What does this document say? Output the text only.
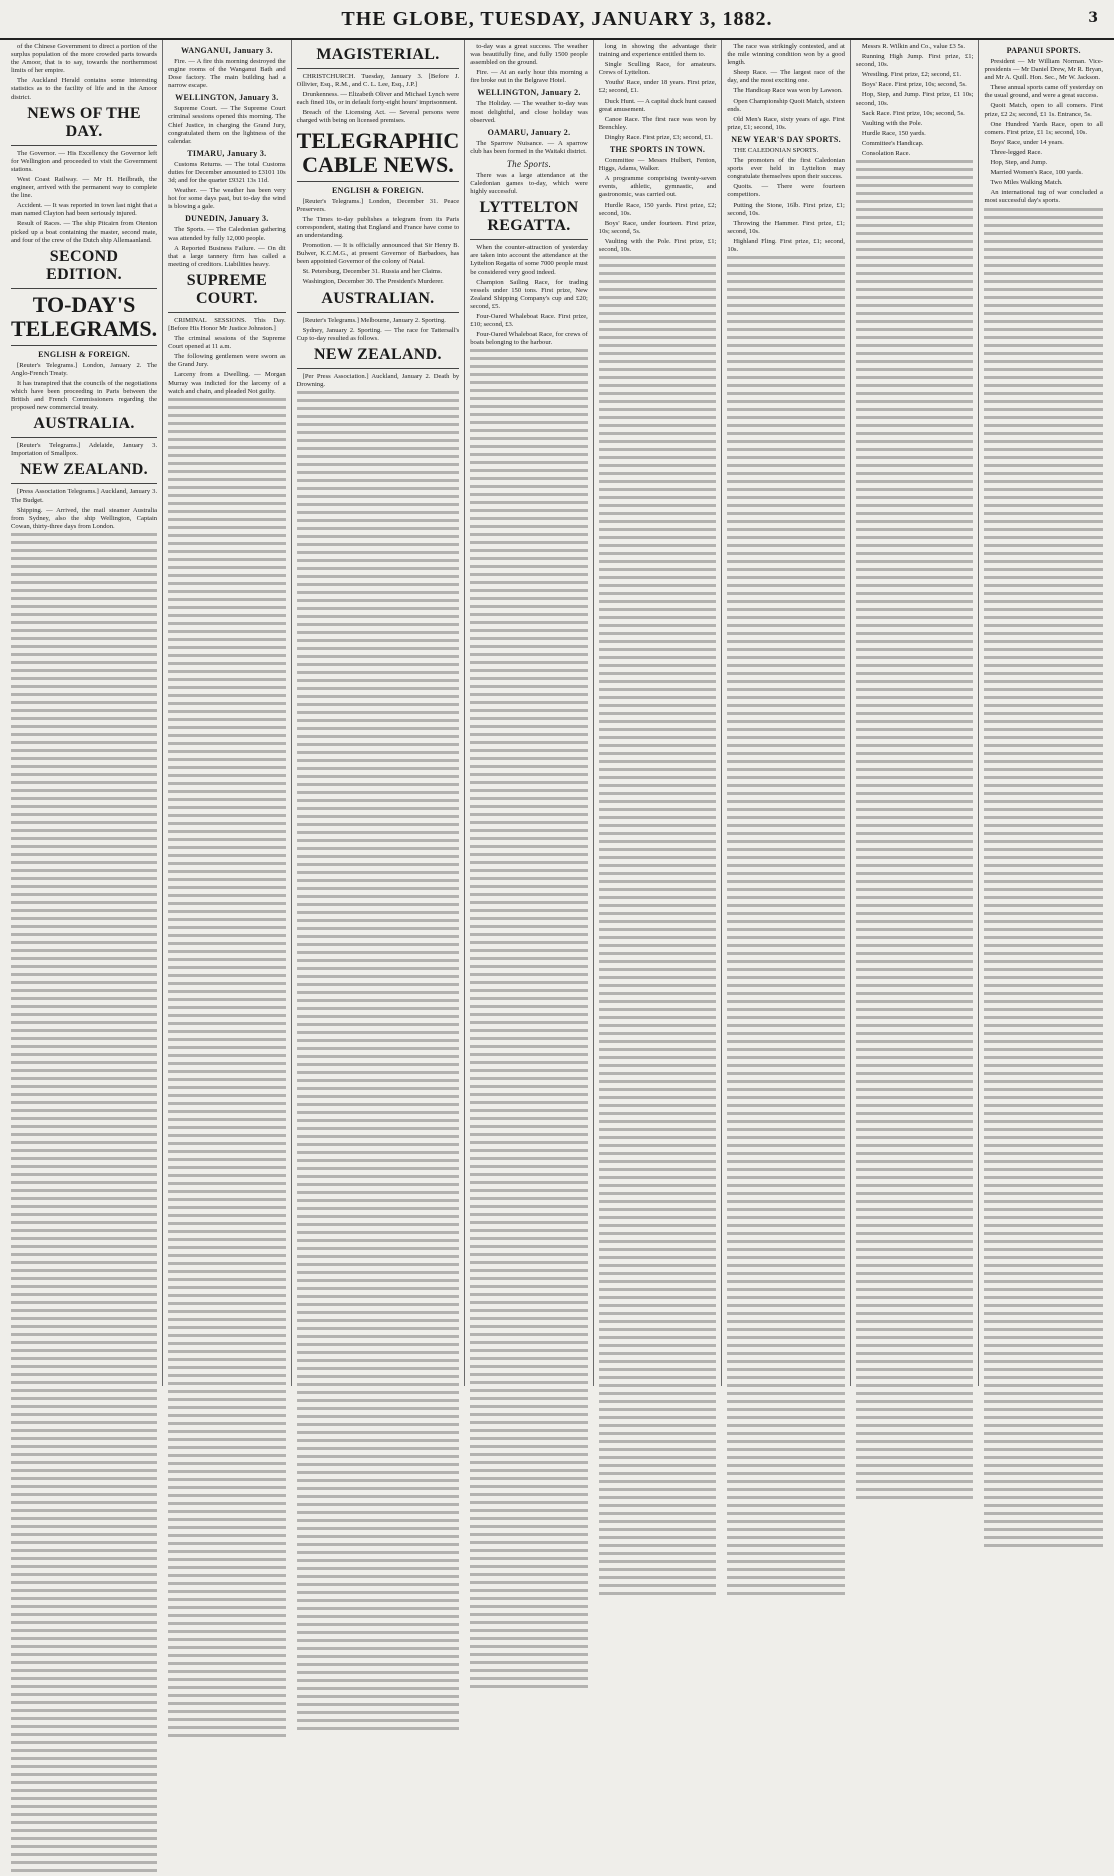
THE GLOBE, TUESDAY, JANUARY 3, 1882.	3

of the Chinese Government to direct a portion of the surplus population of the more crowded parts towards the Amoor, that is to say, towards the northernmost limits of her empire.

The Auckland Herald contains some interesting statistics as to the facility of life and in the Amoor district.

NEWS OF THE DAY.

The Governor. — His Excellency the Governor left for Wellington and proceeded to visit the Government stations.

West Coast Railway. — Mr H. Heilbrath, the engineer, arrived with the permanent way to complete the line.

Accident. — It was reported in town last night that a man named Clayton had been seriously injured.

Result of Races. — The ship Pitcairn from Otenton picked up a boat containing the master, second mate, and four of the crew of the Dutch ship Allemaanland.

SECOND EDITION.
TO-DAY'S TELEGRAMS.
ENGLISH & FOREIGN.

[Reuter's Telegrams.] London, January 2. The Anglo-French Treaty.

It has transpired that the councils of the negotiations which have been proceeding in Paris between the British and French Commissioners regarding the proposed new commercial treaty.

AUSTRALIA.

[Reuter's Telegrams.] Adelaide, January 3. Importation of Smallpox.

NEW ZEALAND.

[Press Association Telegrams.] Auckland, January 3. The Budget.

Shipping. — Arrived, the mail steamer Australia from Sydney, also the ship Wellington, Captain Cowan, thirty-three days from London.

WANGANUI, January 3.

Fire. — A fire this morning destroyed the engine rooms of the Wanganui Bath and Dose factory. The main building had a narrow escape.

WELLINGTON, January 3.

Supreme Court. — The Supreme Court criminal sessions opened this morning. The Chief Justice, in charging the Grand Jury, congratulated them on the lightness of the calendar.

TIMARU, January 3.

Customs Returns. — The total Customs duties for December amounted to £3101 10s 3d; and for the quarter £9321 13s 11d.

Weather. — The weather has been very hot for some days past, but to-day the wind is blowing a gale.

DUNEDIN, January 3.

The Sports. — The Caledonian gathering was attended by fully 12,000 people.

A Reported Business Failure. — On dit that a large tannery firm has called a meeting of creditors. Liabilities heavy.

SUPREME COURT.

CRIMINAL SESSIONS. This Day. [Before His Honor Mr Justice Johnston.]

The criminal sessions of the Supreme Court opened at 11 a.m.

The following gentlemen were sworn as the Grand Jury.

Larceny from a Dwelling. — Morgan Murray was indicted for the larceny of a watch and chain, and pleaded Not guilty.

MAGISTERIAL.

CHRISTCHURCH. Tuesday, January 3. [Before J. Ollivier, Esq., R.M., and C. L. Lee, Esq., J.P.]

Drunkenness. — Elizabeth Oliver and Michael Lynch were each fined 10s, or in default forty-eight hours' imprisonment.

Breach of the Licensing Act. — Several persons were charged with being on licensed premises.

TELEGRAPHIC CABLE NEWS.
ENGLISH & FOREIGN.

[Reuter's Telegrams.] London, December 31. Peace Preservers.

The Times to-day publishes a telegram from its Paris correspondent, stating that England and France have come to an understanding.

Promotion. — It is officially announced that Sir Henry B. Bulwer, K.C.M.G., at present Governor of Barbadoes, has been appointed Governor of the colony of Natal.

St. Petersburg, December 31. Russia and her Claims.

Washington, December 30. The President's Murderer.

AUSTRALIAN.

[Reuter's Telegrams.] Melbourne, January 2. Sporting.

Sydney, January 2. Sporting. — The race for Tattersall's Cup to-day resulted as follows.

NEW ZEALAND.

[Per Press Association.] Auckland, January 2. Death by Drowning.

to-day was a great success. The weather was beautifully fine, and fully 1500 people assembled on the ground.

Fire. — At an early hour this morning a fire broke out in the Belgrave Hotel.

WELLINGTON, January 2.

The Holiday. — The weather to-day was most delightful, and close holiday was observed.

OAMARU, January 2.

The Sparrow Nuisance. — A sparrow club has been formed in the Waitaki district.

The Sports.

There was a large attendance at the Caledonian games to-day, which were highly successful.

LYTTELTON REGATTA.

When the counter-attraction of yesterday are taken into account the attendance at the Lyttelton Regatta of some 7000 people must be considered very good indeed.

Champion Sailing Race, for trading vessels under 150 tons. First prize, New Zealand Shipping Company's cup and £20; second, £5.

Four-Oared Whaleboat Race. First prize, £10; second, £3.

Four-Oared Whaleboat Race, for crews of boats belonging to the harbour.

long in showing the advantage their training and experience entitled them to.

Single Sculling Race, for amateurs. Crews of Lyttelton.

Youths' Race, under 18 years. First prize, £2; second, £1.

Duck Hunt. — A capital duck hunt caused great amusement.

Canoe Race. The first race was won by Brenchley.

Dinghy Race. First prize, £3; second, £1.

THE SPORTS IN TOWN.

Committee — Messrs Hulbert, Fenton, Higgs, Adams, Walker.

A programme comprising twenty-seven events, athletic, gymnastic, and gastronomic, was carried out.

Hurdle Race, 150 yards. First prize, £2; second, 10s.

Boys' Race, under fourteen. First prize, 10s; second, 5s.

Vaulting with the Pole. First prize, £1; second, 10s.

The race was strikingly contested, and at the mile winning condition won by a good length.

Sheep Race. — The largest race of the day, and the most exciting one.

The Handicap Race was won by Lawson.

Open Championship Quoit Match, sixteen ends.

Old Men's Race, sixty years of age. First prize, £1; second, 10s.

NEW YEAR'S DAY SPORTS.

THE CALEDONIAN SPORTS.

The promoters of the first Caledonian sports ever held in Lyttelton may congratulate themselves upon their success.

Quoits. — There were fourteen competitors.

Putting the Stone, 16lb. First prize, £1; second, 10s.

Throwing the Hammer. First prize, £1; second, 10s.

Highland Fling. First prize, £1; second, 10s.

Messrs R. Wilkin and Co., value £3 5s.

Running High Jump. First prize, £1; second, 10s.

Wrestling. First prize, £2; second, £1.

Boys' Race. First prize, 10s; second, 5s.

Hop, Step, and Jump. First prize, £1 10s; second, 10s.

Sack Race. First prize, 10s; second, 5s.

Vaulting with the Pole.

Hurdle Race, 150 yards.

Committee's Handicap.

Consolation Race.

PAPANUI SPORTS.

President — Mr William Norman. Vice-presidents — Mr Daniel Drew, Mr R. Bryan, and Mr A. Quill. Hon. Sec., Mr W. Jackson.

These annual sports came off yesterday on the usual ground, and were a great success.

Quoit Match, open to all comers. First prize, £2 2s; second, £1 1s. Entrance, 5s.

One Hundred Yards Race, open to all comers. First prize, £1 1s; second, 10s.

Boys' Race, under 14 years.

Three-legged Race.

Hop, Step, and Jump.

Married Women's Race, 100 yards.

Two Miles Walking Match.

An international tug of war concluded a most successful day's sports.
